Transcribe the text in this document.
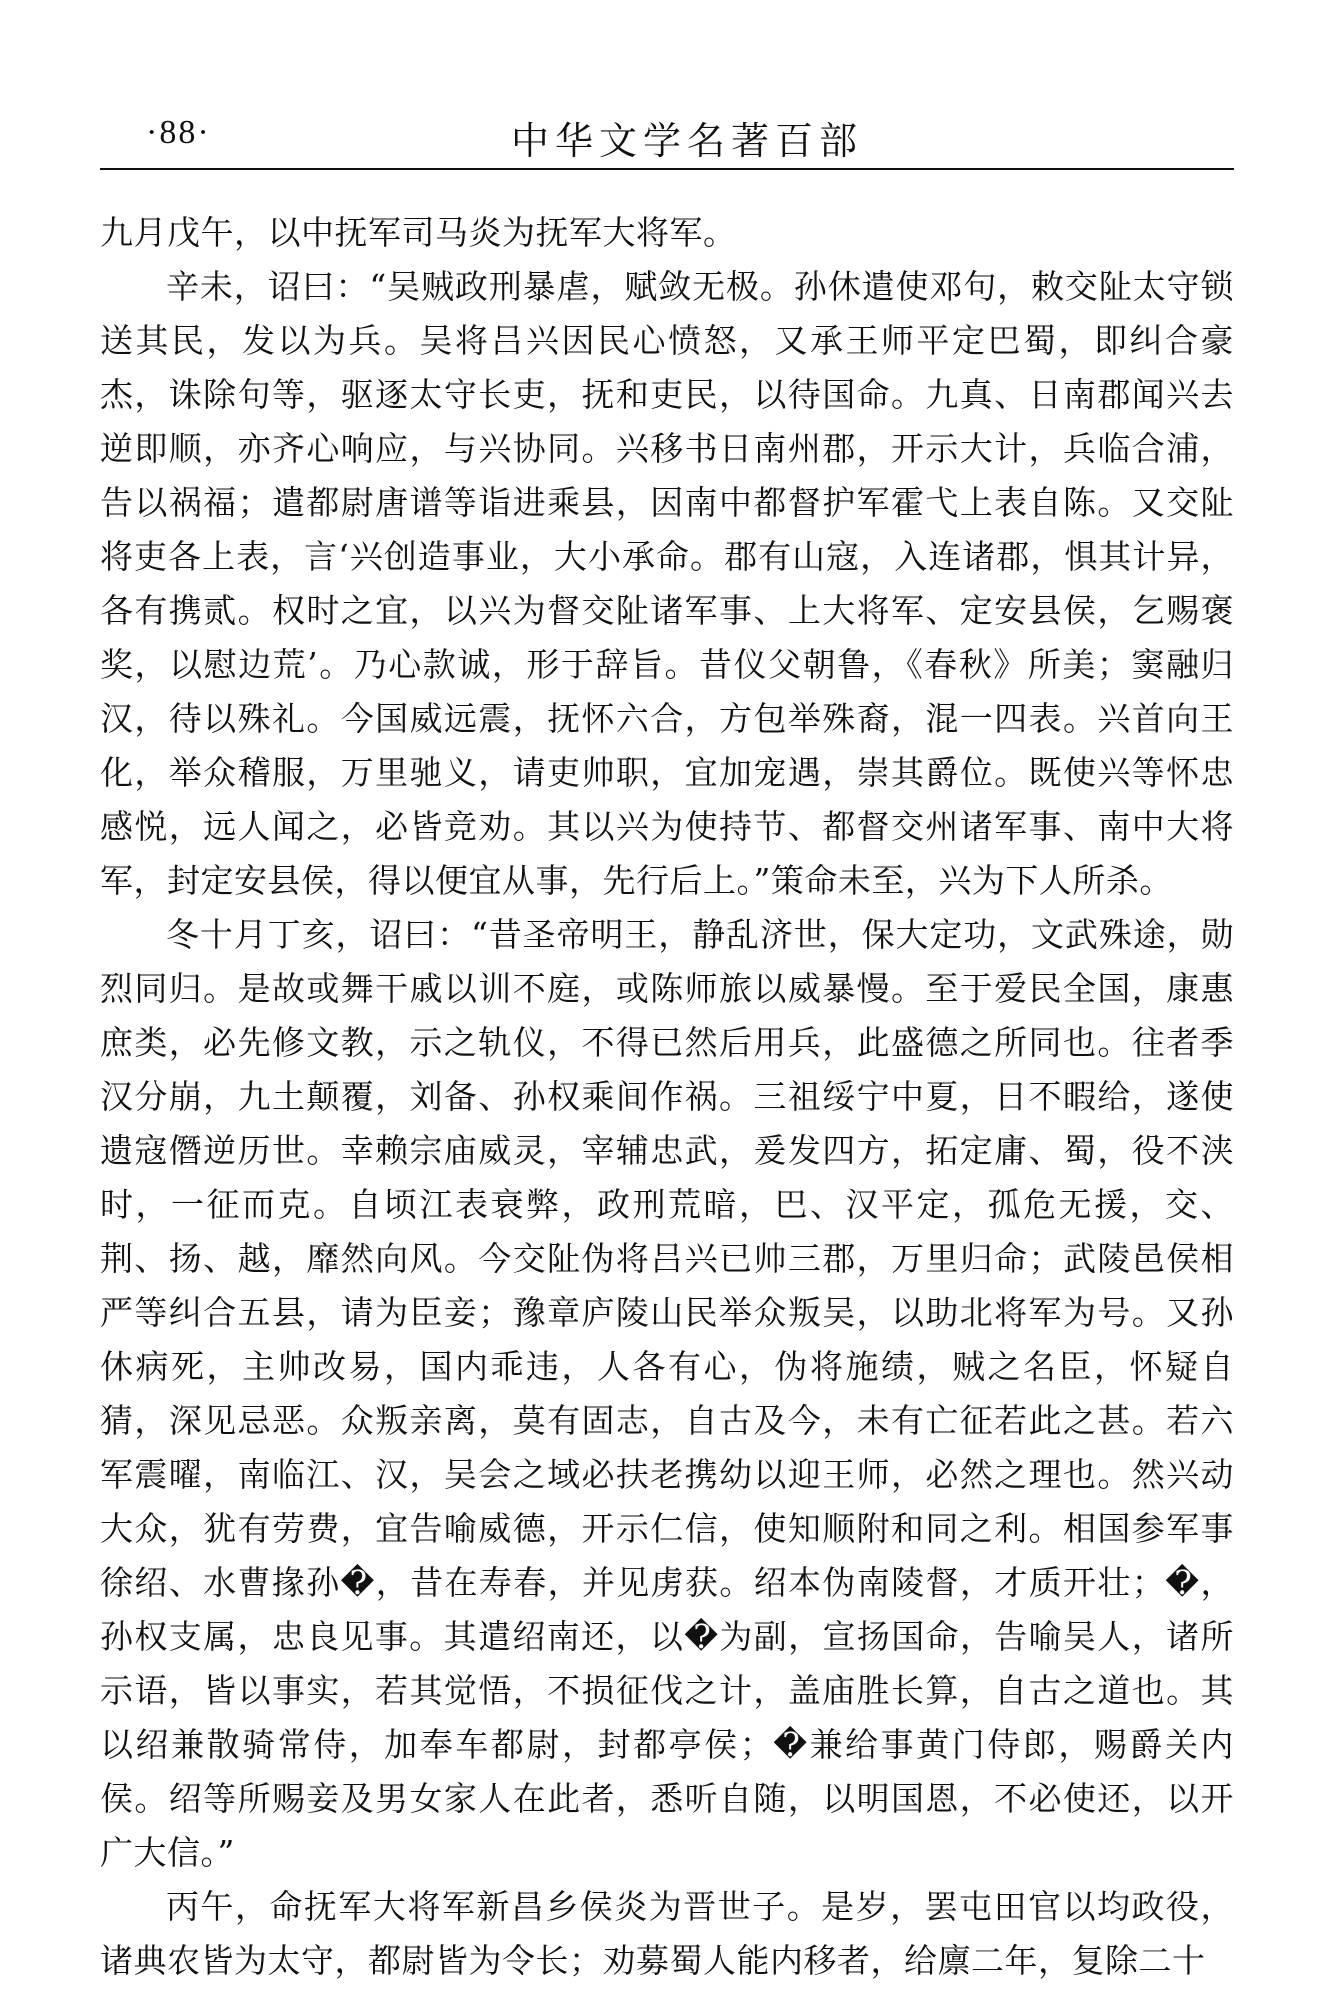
·88·	中华文学名著百部

九月戊午，以中抚军司马炎为抚军大将军。

辛未，诏曰：“吴贼政刑暴虐，赋敛无极。孙休遣使邓句，敕交阯太守锁送其民，发以为兵。吴将吕兴因民心愤怒，又承王师平定巴蜀，即纠合豪杰，诛除句等，驱逐太守长吏，抚和吏民，以待国命。九真、日南郡闻兴去逆即顺，亦齐心响应，与兴协同。兴移书日南州郡，开示大计，兵临合浦，告以祸福；遣都尉唐谱等诣进乘县，因南中都督护军霍弋上表自陈。又交阯将吏各上表，言‘兴创造事业，大小承命。郡有山寇，入连诸郡，惧其计异，各有携贰。权时之宜，以兴为督交阯诸军事、上大将军、定安县侯，乞赐褒奖，以慰边荒’。乃心款诚，形于辞旨。昔仪父朝鲁，《春秋》所美；窦融归汉，待以殊礼。今国威远震，抚怀六合，方包举殊裔，混一四表。兴首向王化，举众稽服，万里驰义，请吏帅职，宜加宠遇，崇其爵位。既使兴等怀忠感悦，远人闻之，必皆竞劝。其以兴为使持节、都督交州诸军事、南中大将军，封定安县侯，得以便宜从事，先行后上。”策命未至，兴为下人所杀。

冬十月丁亥，诏曰：“昔圣帝明王，静乱济世，保大定功，文武殊途，勋烈同归。是故或舞干戚以训不庭，或陈师旅以威暴慢。至于爱民全国，康惠庶类，必先修文教，示之轨仪，不得已然后用兵，此盛德之所同也。往者季汉分崩，九土颠覆，刘备、孙权乘间作祸。三祖绥宁中夏，日不暇给，遂使遗寇僭逆历世。幸赖宗庙威灵，宰辅忠武，爰发四方，拓定庸、蜀，役不浃时，一征而克。自顷江表衰弊，政刑荒暗，巴、汉平定，孤危无援，交、荆、扬、越，靡然向风。今交阯伪将吕兴已帅三郡，万里归命；武陵邑侯相严等纠合五县，请为臣妾；豫章庐陵山民举众叛吴，以助北将军为号。又孙休病死，主帅改易，国内乖违，人各有心，伪将施绩，贼之名臣，怀疑自猜，深见忌恶。众叛亲离，莫有固志，自古及今，未有亡征若此之甚。若六军震曜，南临江、汉，吴会之域必扶老携幼以迎王师，必然之理也。然兴动大众，犹有劳费，宜告喻威德，开示仁信，使知顺附和同之利。相国参军事徐绍、水曹掾孙�，昔在寿春，并见虏获。绍本伪南陵督，才质开壮；�，孙权支属，忠良见事。其遣绍南还，以�为副，宣扬国命，告喻吴人，诸所示语，皆以事实，若其觉悟，不损征伐之计，盖庙胜长算，自古之道也。其以绍兼散骑常侍，加奉车都尉，封都亭侯；�兼给事黄门侍郎，赐爵关内侯。绍等所赐妾及男女家人在此者，悉听自随，以明国恩，不必使还，以开广大信。”

丙午，命抚军大将军新昌乡侯炎为晋世子。是岁，罢屯田官以均政役，诸典农皆为太守，都尉皆为令长；劝募蜀人能内移者，给廪二年，复除二十
